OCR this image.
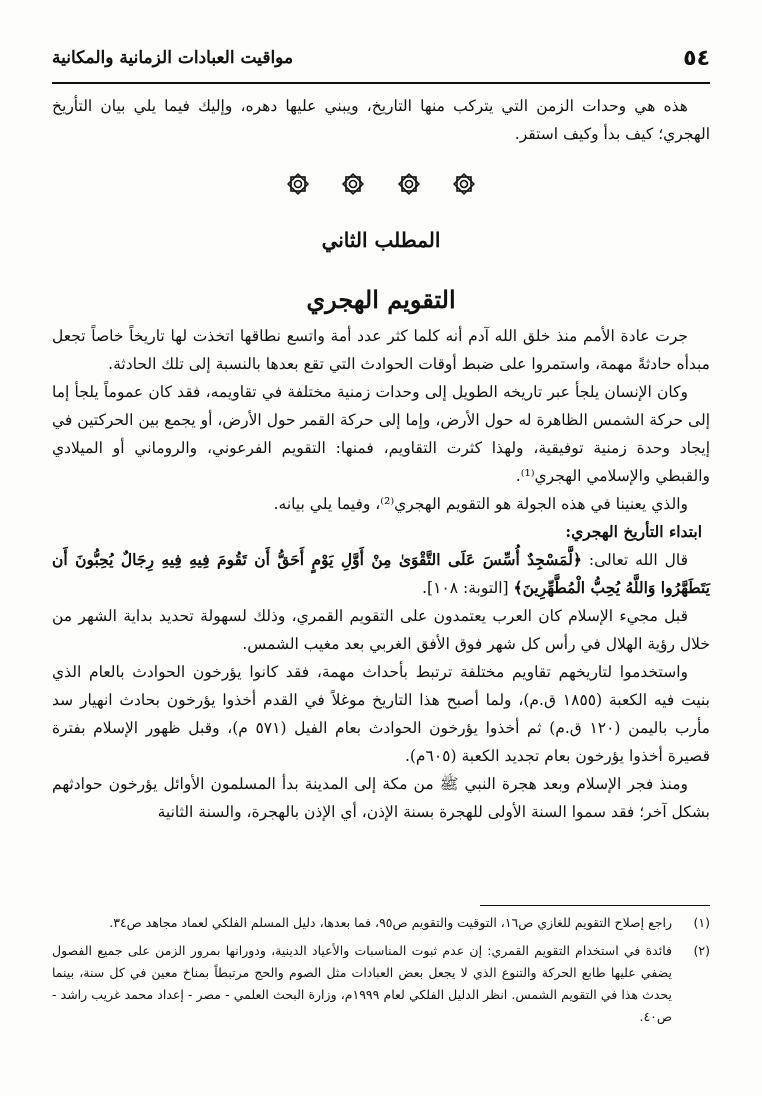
٥٤
مواقيت العبادات الزمانية والمكانية

هذه هي وحدات الزمن التي يتركب منها التاريخ، ويبني عليها دهره، وإليك فيما يلي بيان التأريخ الهجري؛ كيف بدأ وكيف استقر.

المطلب الثاني
التقويم الهجري

جرت عادة الأمم منذ خلق الله آدم أنه كلما كثر عدد أمة واتسع نطاقها اتخذت لها تاريخاً خاصاً تجعل مبدأه حادثةً مهمة، واستمروا على ضبط أوقات الحوادث التي تقع بعدها بالنسبة إلى تلك الحادثة.

وكان الإنسان يلجأ عبر تاريخه الطويل إلى وحدات زمنية مختلفة في تقاويمه، فقد كان عموماً يلجأ إما إلى حركة الشمس الظاهرة له حول الأرض، وإما إلى حركة القمر حول الأرض، أو يجمع بين الحركتين في إيجاد وحدة زمنية توفيقية، ولهذا كثرت التقاويم، فمنها: التقويم الفرعوني، والروماني أو الميلادي والقبطي والإسلامي الهجري⁽¹⁾.

والذي يعنينا في هذه الجولة هو التقويم الهجري⁽²⁾، وفيما يلي بيانه.

ابتداء التأريخ الهجري:

قال الله تعالى: ﴿لَّمَسْجِدٌ أُسِّسَ عَلَى التَّقْوَىٰ مِنْ أَوَّلِ يَوْمٍ أَحَقُّ أَن تَقُومَ فِيهِ فِيهِ رِجَالٌ يُحِبُّونَ أَن يَتَطَهَّرُوا وَاللَّهُ يُحِبُّ الْمُطَّهِّرِينَ﴾ [التوبة: ١٠٨].

قبل مجيء الإسلام كان العرب يعتمدون على التقويم القمري، وذلك لسهولة تحديد بداية الشهر من خلال رؤية الهلال في رأس كل شهر فوق الأفق الغربي بعد مغيب الشمس.

واستخدموا لتاريخهم تقاويم مختلفة ترتبط بأحداث مهمة، فقد كانوا يؤرخون الحوادث بالعام الذي بنيت فيه الكعبة (١٨٥٥ ق.م)، ولما أصبح هذا التاريخ موغلاً في القدم أخذوا يؤرخون بحادث انهيار سد مأرب باليمن (١٢٠ ق.م) ثم أخذوا يؤرخون الحوادث بعام الفيل (٥٧١ م)، وقبل ظهور الإسلام بفترة قصيرة أخذوا يؤرخون بعام تجديد الكعبة (٦٠٥م).

ومنذ فجر الإسلام وبعد هجرة النبي ﷺ من مكة إلى المدينة بدأ المسلمون الأوائل يؤرخون حوادثهم بشكل آخر؛ فقد سموا السنة الأولى للهجرة بسنة الإذن، أي الإذن بالهجرة، والسنة الثانية

(١)
راجع إصلاح التقويم للغازي ص١٦، التوقيت والتقويم ص٩٥، فما بعدها، دليل المسلم الفلكي لعماد مجاهد ص٣٤.
(٢)
فائدة في استخدام التقويم القمري: إن عدم ثبوت المناسبات والأعياد الدينية، ودورانها بمرور الزمن على جميع الفصول يضفي عليها طابع الحركة والتنوع الذي لا يجعل بعض العبادات مثل الصوم والحج مرتبطاً بمناخ معين في كل سنة، بينما يحدث هذا في التقويم الشمس. انظر الدليل الفلكي لعام ١٩٩٩م، وزارة البحث العلمي - مصر - إعداد محمد غريب راشد - ص٤٠.
